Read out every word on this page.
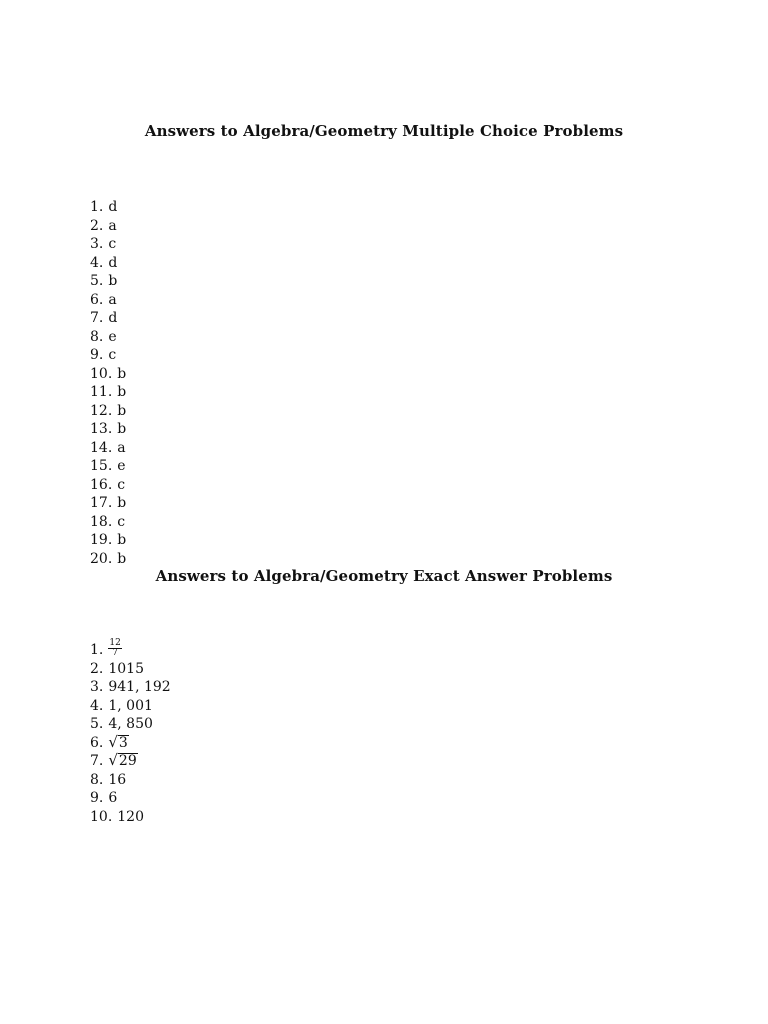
Answers to Algebra/Geometry Multiple Choice Problems
1. d
2. a
3. c
4. d
5. b
6. a
7. d
8. e
9. c
10. b
11. b
12. b
13. b
14. a
15. e
16. c
17. b
18. c
19. b
20. b
Answers to Algebra/Geometry Exact Answer Problems
1. $\frac{12}{7}$
2. 1015
3. 941, 192
4. 1, 001
5. 4, 850
6. √ 3
7. √ 29
8. 16
9. 6
10. 120
